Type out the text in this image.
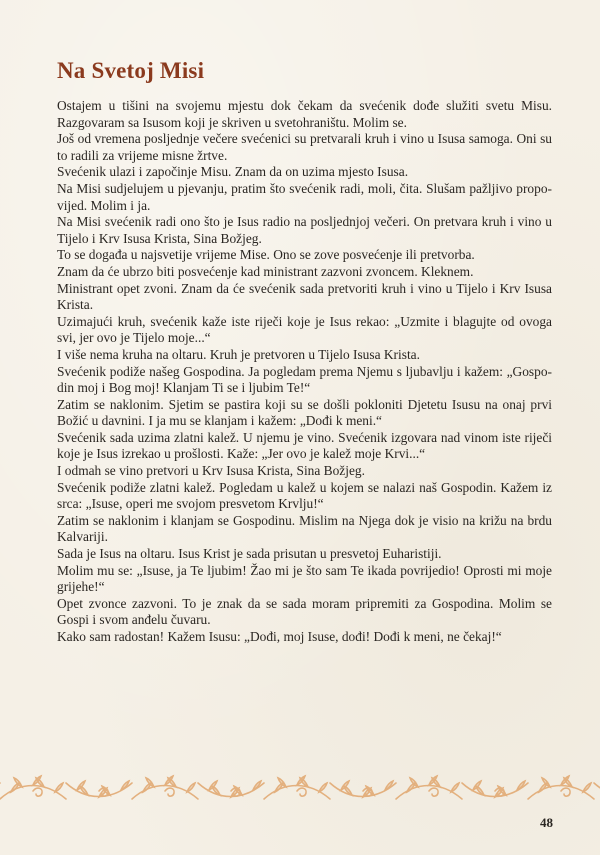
Na Svetoj Misi

Ostajem u tišini na svojemu mjestu dok čekam da svećenik dođe služiti svetu Misu. Razgovaram sa Isusom koji je skriven u svetohraništu. Molim se.

Još od vremena posljednje večere svećenici su pretvarali kruh i vino u Isusa samoga. Oni su to radili za vrijeme misne žrtve.

Svećenik ulazi i započinje Misu. Znam da on uzima mjesto Isusa.

Na Misi sudjelujem u pjevanju, pratim što svećenik radi, moli, čita. Slušam pažljivo propovijed. Molim i ja.

Na Misi svećenik radi ono što je Isus radio na posljednjoj večeri. On pretvara kruh i vino u Tijelo i Krv Isusa Krista, Sina Božjeg.

To se događa u najsvetije vrijeme Mise. Ono se zove posvećenje ili pretvorba.

Znam da će ubrzo biti posvećenje kad ministrant zazvoni zvoncem. Kleknem.

Ministrant opet zvoni. Znam da će svećenik sada pretvoriti kruh i vino u Tijelo i Krv Isusa Krista.

Uzimajući kruh, svećenik kaže iste riječi koje je Isus rekao: „Uzmite i blagujte od ovoga svi, jer ovo je Tijelo moje...“

I više nema kruha na oltaru. Kruh je pretvoren u Tijelo Isusa Krista.

Svećenik podiže našeg Gospodina. Ja pogledam prema Njemu s ljubavlju i kažem: „Gospodin moj i Bog moj! Klanjam Ti se i ljubim Te!“

Zatim se naklonim. Sjetim se pastira koji su se došli pokloniti Djetetu Isusu na onaj prvi Božić u davnini. I ja mu se klanjam i kažem: „Dođi k meni.“

Svećenik sada uzima zlatni kalež. U njemu je vino. Svećenik izgovara nad vinom iste riječi koje je Isus izrekao u prošlosti. Kaže: „Jer ovo je kalež moje Krvi...“

I odmah se vino pretvori u Krv Isusa Krista, Sina Božjeg.

Svećenik podiže zlatni kalež. Pogledam u kalež u kojem se nalazi naš Gospodin. Kažem iz srca: „Isuse, operi me svojom presvetom Krvlju!“

Zatim se naklonim i klanjam se Gospodinu. Mislim na Njega dok je visio na križu na brdu Kalvariji.

Sada je Isus na oltaru. Isus Krist je sada prisutan u presvetoj Euharistiji.

Molim mu se: „Isuse, ja Te ljubim! Žao mi je što sam Te ikada povrijedio! Oprosti mi moje grijehe!“

Opet zvonce zazvoni. To je znak da se sada moram pripremiti za Gospodina. Molim se Gospi i svom anđelu čuvaru.

Kako sam radostan! Kažem Isusu: „Dođi, moj Isuse, dođi! Dođi k meni, ne čekaj!“

48
